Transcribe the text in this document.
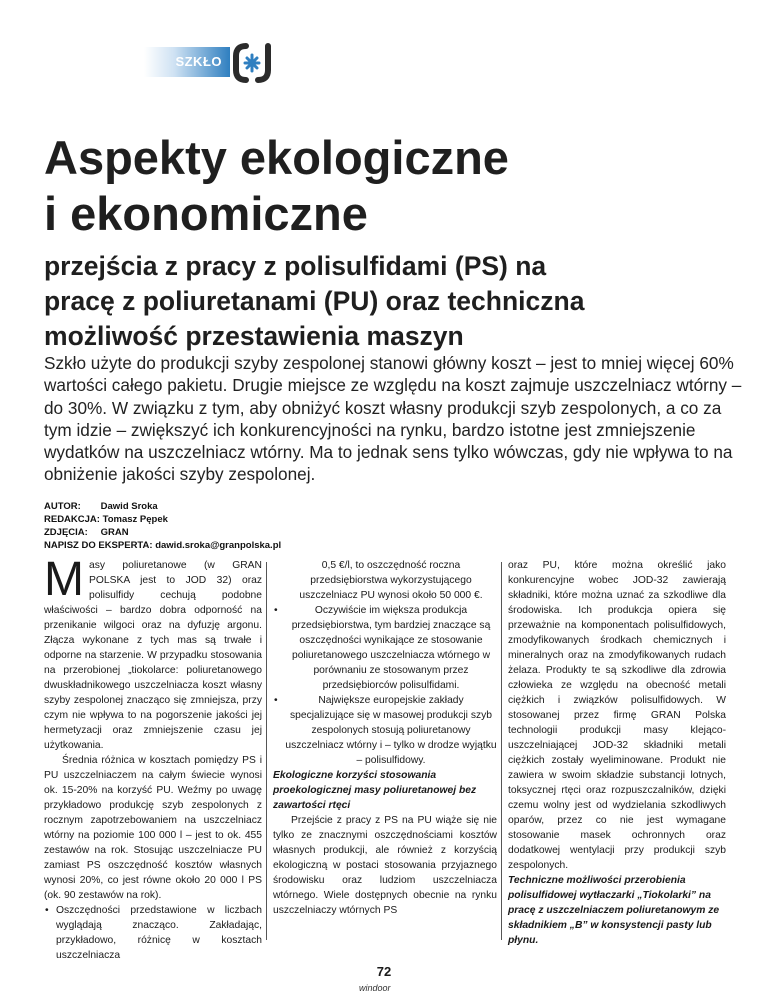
SZKŁO
Aspekty ekologiczne
i ekonomiczne
przejścia z pracy z polisulfidami (PS) na
pracę z poliuretanami (PU) oraz techniczna
możliwość przestawienia maszyn

Szkło użyte do produkcji szyby zespolonej stanowi główny koszt – jest to mniej więcej 60% wartości całego pakietu. Drugie miejsce ze względu na koszt zajmuje uszczelniacz wtórny – do 30%. W związku z tym, aby obniżyć koszt własny produkcji szyb zespolonych, a co za tym idzie – zwiększyć ich konkurencyjności na rynku, bardzo istotne jest zmniejszenie wydatków na uszczelniacz wtórny. Ma to jednak sens tylko wówczas, gdy nie wpływa to na obniżenie jakości szyby zespolonej.

AUTOR: Dawid Sroka
REDAKCJA: Tomasz Pępek
ZDJĘCIA: GRAN
NAPISZ DO EKSPERTA: dawid.sroka@granpolska.pl

Masy poliuretanowe (w GRAN POLSKA jest to JOD 32) oraz polisulfidy cechują podobne właściwości – bardzo dobra odporność na przenikanie wilgoci oraz na dyfuzję argonu. Złącza wykonane z tych mas są trwałe i odporne na starzenie. W przypadku stosowania na przerobionej „tiokolarce: poliuretanowego dwuskładnikowego uszczelniacza koszt własny szyby zespolonej znacząco się zmniejsza, przy czym nie wpływa to na pogorszenie jakości jej hermetyzacji oraz zmniejszenie czasu jej użytkowania.

Średnia różnica w kosztach pomiędzy PS i PU uszczelniaczem na całym świecie wynosi ok. 15-20% na korzyść PU. Weźmy po uwagę przykładowo produkcję szyb zespolonych z rocznym zapotrzebowaniem na uszczelniacz wtórny na poziomie 100 000 l – jest to ok. 455 zestawów na rok. Stosując uszczelniacze PU zamiast PS oszczędność kosztów własnych wynosi 20%, co jest równe około 20 000 l PS (ok. 90 zestawów na rok).

• Oszczędności przedstawione w liczbach wyglądają znacząco. Zakładając, przykładowo, różnicę w kosztach uszczelniacza

0,5 €/l, to oszczędność roczna przedsiębiorstwa wykorzystującego uszczelniacz PU wynosi około 50 000 €.

• Oczywiście im większa produkcja przedsiębiorstwa, tym bardziej znaczące są oszczędności wynikające ze stosowanie poliuretanowego uszczelniacza wtórnego w porównaniu ze stosowanym przez przedsiębiorców polisulfidami.

• Największe europejskie zakłady specjalizujące się w masowej produkcji szyb zespolonych stosują poliuretanowy uszczelniacz wtórny i – tylko w drodze wyjątku – polisulfidowy.

Ekologiczne korzyści stosowania proekologicznej masy poliuretanowej bez zawartości rtęci

Przejście z pracy z PS na PU wiąże się nie tylko ze znacznymi oszczędnościami kosztów własnych produkcji, ale również z korzyścią ekologiczną w postaci stosowania przyjaznego środowisku oraz ludziom uszczelniacza wtórnego. Wiele dostępnych obecnie na rynku uszczelniaczy wtórnych PS

oraz PU, które można określić jako konkurencyjne wobec JOD-32 zawierają składniki, które można uznać za szkodliwe dla środowiska. Ich produkcja opiera się przeważnie na komponentach polisulfidowych, zmodyfikowanych środkach chemicznych i mineralnych oraz na zmodyfikowanych rudach żelaza. Produkty te są szkodliwe dla zdrowia człowieka ze względu na obecność metali ciężkich i związków polisulfidowych. W stosowanej przez firmę GRAN Polska technologii produkcji masy klejąco- uszczelniającej JOD-32 składniki metali ciężkich zostały wyeliminowane. Produkt nie zawiera w swoim składzie substancji lotnych, toksycznej rtęci oraz rozpuszczalników, dzięki czemu wolny jest od wydzielania szkodliwych oparów, przez co nie jest wymagane stosowanie masek ochronnych oraz dodatkowej wentylacji przy produkcji szyb zespolonych.

Techniczne możliwości przerobienia polisulfidowej wytłaczarki „Tiokolarki” na pracę z uszczelniaczem poliuretanowym ze składnikiem „B” w konsystencji pasty lub płynu.

72
windoor
